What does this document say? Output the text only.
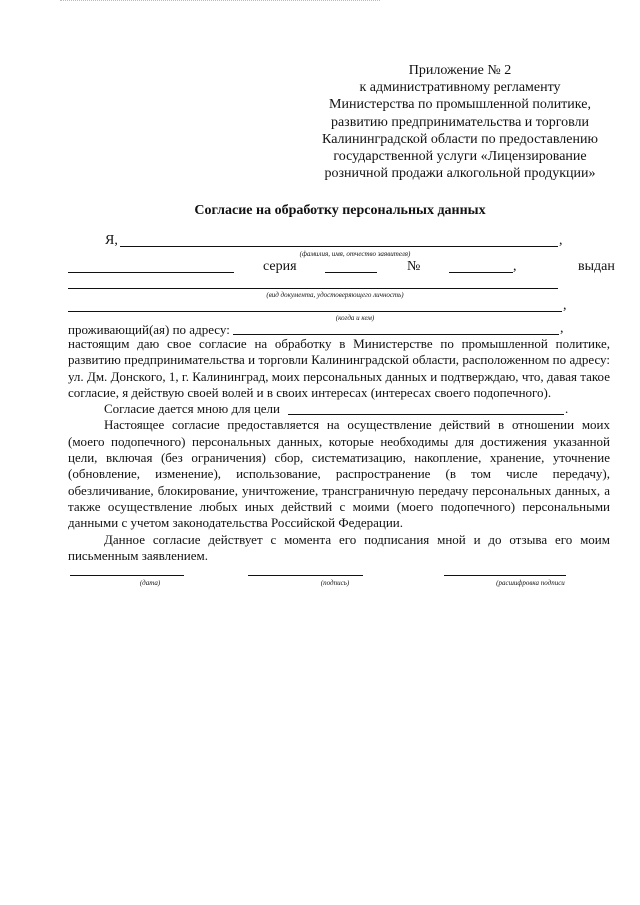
Приложение № 2
к административному регламенту
Министерства по промышленной политике,
развитию предпринимательства и торговли
Калининградской области по предоставлению
государственной услуги «Лицензирование
розничной продажи алкогольной продукции»
Согласие на обработку персональных данных
Я,	,
(фамилия, имя, отчество заявителя)
серия	№	,	выдан
(вид документа, удостоверяющего личность)
,
(когда и кем)
проживающий(ая) по адресу:	,

настоящим даю свое согласие на обработку в Министерстве по промышленной политике, развитию предпринимательства и торговли Калининградской области, расположенном по адресу: ул. Дм. Донского, 1, г. Калининград, моих персональных данных и подтверждаю, что, давая такое согласие, я действую своей волей и в своих интересах (интересах своего подопечного).

Согласие дается мною для цели	.

Настоящее согласие предоставляется на осуществление действий в отношении моих (моего подопечного) персональных данных, которые необходимы для достижения указанной цели, включая (без ограничения) сбор, систематизацию, накопление, хранение, уточнение (обновление, изменение), использование, распространение (в том числе передачу), обезличивание, блокирование, уничтожение, трансграничную передачу персональных данных, а также осуществление любых иных действий с моими (моего подопечного) персональными данными с учетом законодательства Российской Федерации.

Данное согласие действует с момента его подписания мной и до отзыва его моим письменным заявлением.

(дата)	(подпись)	(расшифровка подписи
